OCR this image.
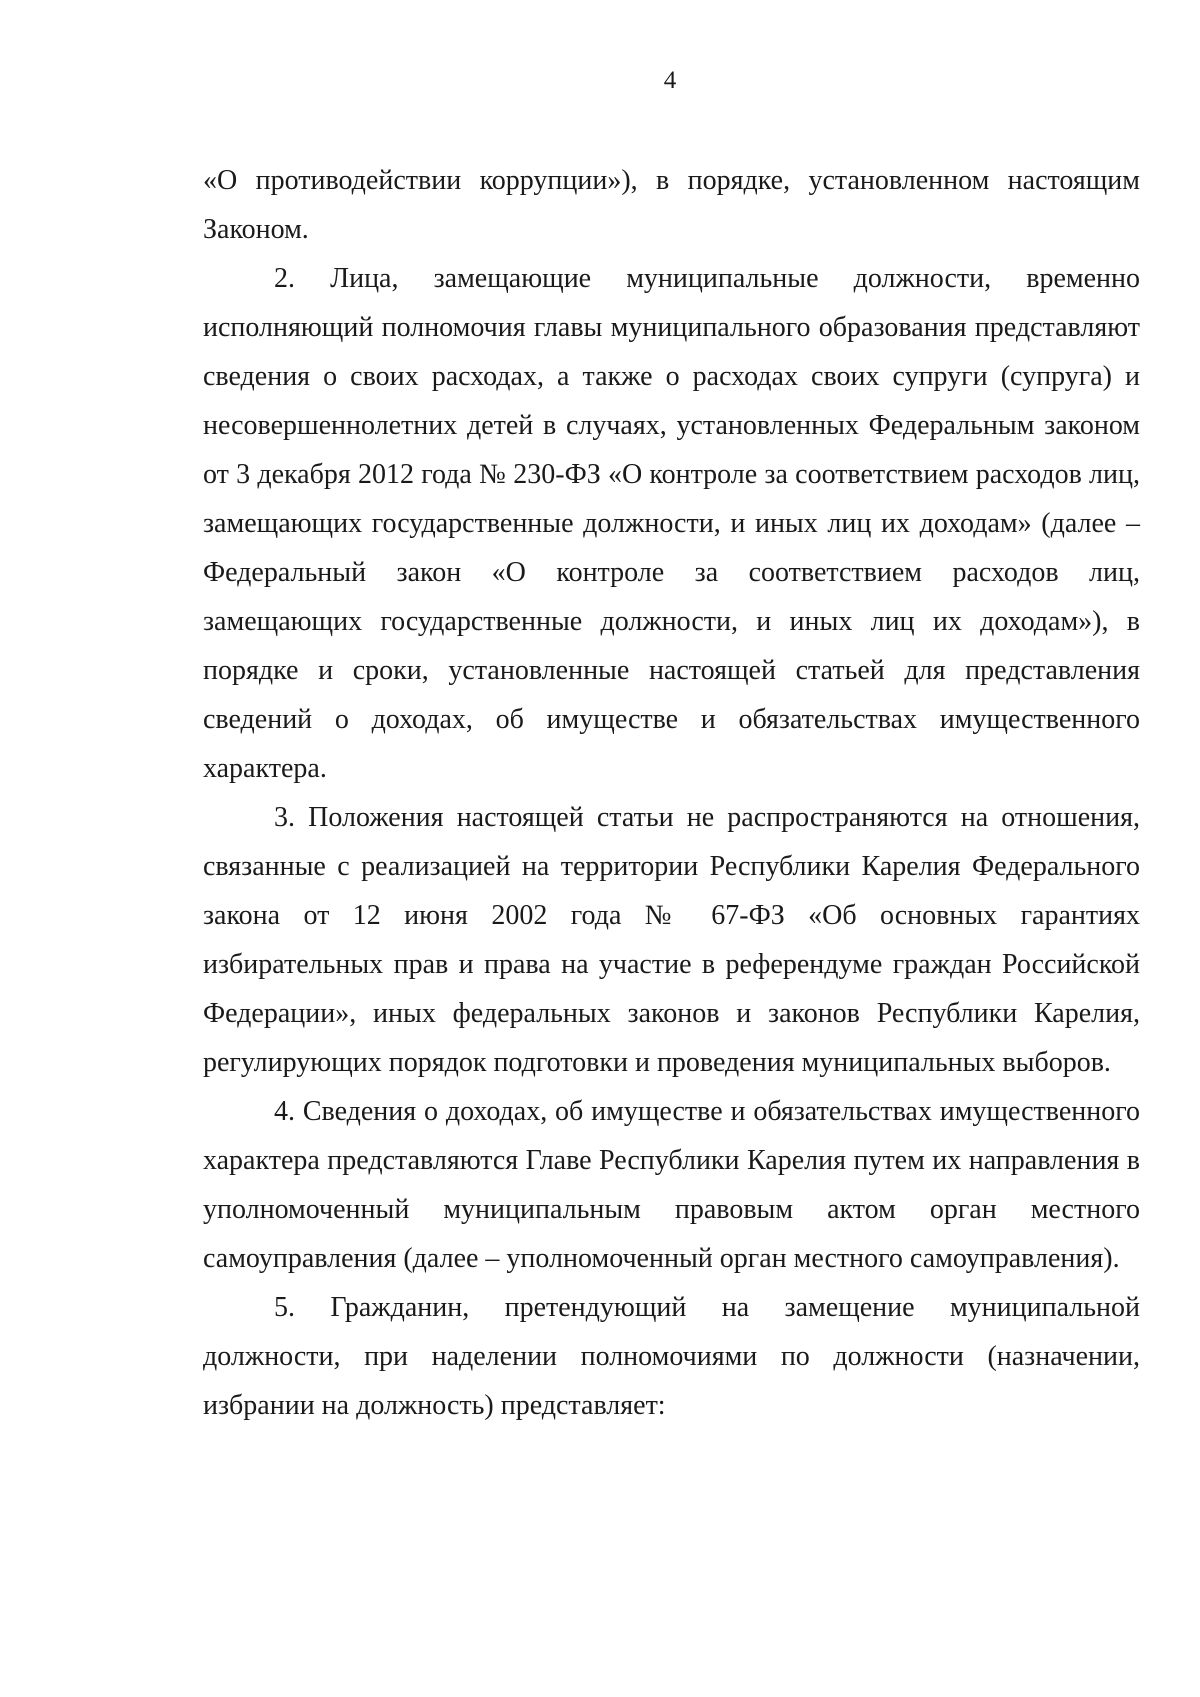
4

«О противодействии коррупции»), в порядке, установленном настоящим Законом.

2. Лица, замещающие муниципальные должности, временно исполняющий полномочия главы муниципального образования представляют сведения о своих расходах, а также о расходах своих супруги (супруга) и несовершеннолетних детей в случаях, установленных Федеральным законом от 3 декабря 2012 года № 230-ФЗ «О контроле за соответствием расходов лиц, замещающих государственные должности, и иных лиц их доходам» (далее – Федеральный закон «О контроле за соответствием расходов лиц, замещающих государственные должности, и иных лиц их доходам»), в порядке и сроки, установленные настоящей статьей для представления сведений о доходах, об имуществе и обязательствах имущественного характера.

3. Положения настоящей статьи не распространяются на отношения, связанные с реализацией на территории Республики Карелия Федерального закона от 12 июня 2002 года № 67-ФЗ «Об основных гарантиях избирательных прав и права на участие в референдуме граждан Российской Федерации», иных федеральных законов и законов Республики Карелия, регулирующих порядок подготовки и проведения муниципальных выборов.

4. Сведения о доходах, об имуществе и обязательствах имущественного характера представляются Главе Республики Карелия путем их направления в уполномоченный муниципальным правовым актом орган местного самоуправления (далее – уполномоченный орган местного самоуправления).

5. Гражданин, претендующий на замещение муниципальной должности, при наделении полномочиями по должности (назначении, избрании на должность) представляет:
